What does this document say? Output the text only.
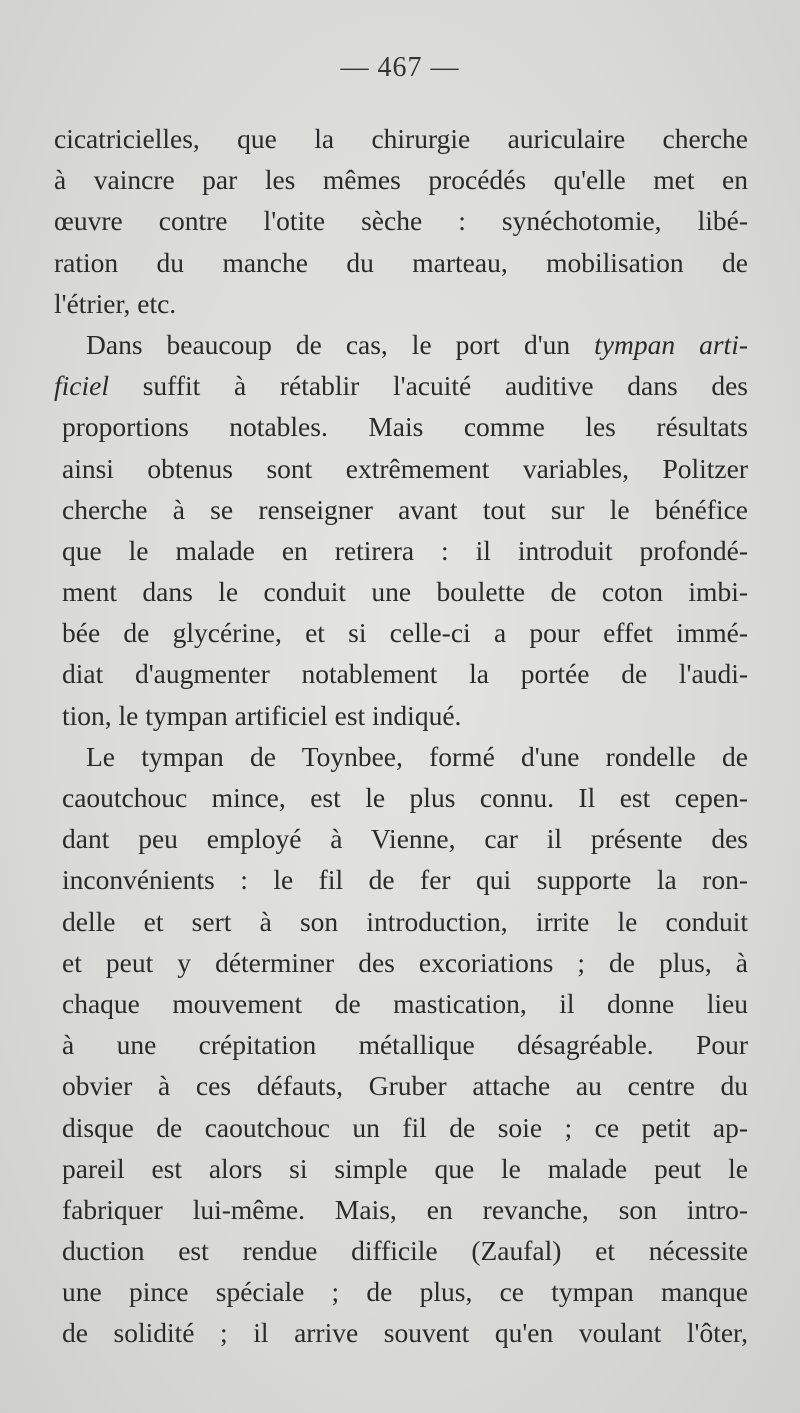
— 467 —
cicatricielles, que la chirurgie auriculaire cherche
à vaincre par les mêmes procédés qu'elle met en
œuvre contre l'otite sèche : synéchotomie, libé-
ration du manche du marteau, mobilisation de
l'étrier, etc.
Dans beaucoup de cas, le port d'un tympan arti-
ficiel suffit à rétablir l'acuité auditive dans des
proportions notables. Mais comme les résultats
ainsi obtenus sont extrêmement variables, Politzer
cherche à se renseigner avant tout sur le bénéfice
que le malade en retirera : il introduit profondé-
ment dans le conduit une boulette de coton imbi-
bée de glycérine, et si celle-ci a pour effet immé-
diat d'augmenter notablement la portée de l'audi-
tion, le tympan artificiel est indiqué.
Le tympan de Toynbee, formé d'une rondelle de
caoutchouc mince, est le plus connu. Il est cepen-
dant peu employé à Vienne, car il présente des
inconvénients : le fil de fer qui supporte la ron-
delle et sert à son introduction, irrite le conduit
et peut y déterminer des excoriations ; de plus, à
chaque mouvement de mastication, il donne lieu
à une crépitation métallique désagréable. Pour
obvier à ces défauts, Gruber attache au centre du
disque de caoutchouc un fil de soie ; ce petit ap-
pareil est alors si simple que le malade peut le
fabriquer lui-même. Mais, en revanche, son intro-
duction est rendue difficile (Zaufal) et nécessite
une pince spéciale ; de plus, ce tympan manque
de solidité ; il arrive souvent qu'en voulant l'ôter,
